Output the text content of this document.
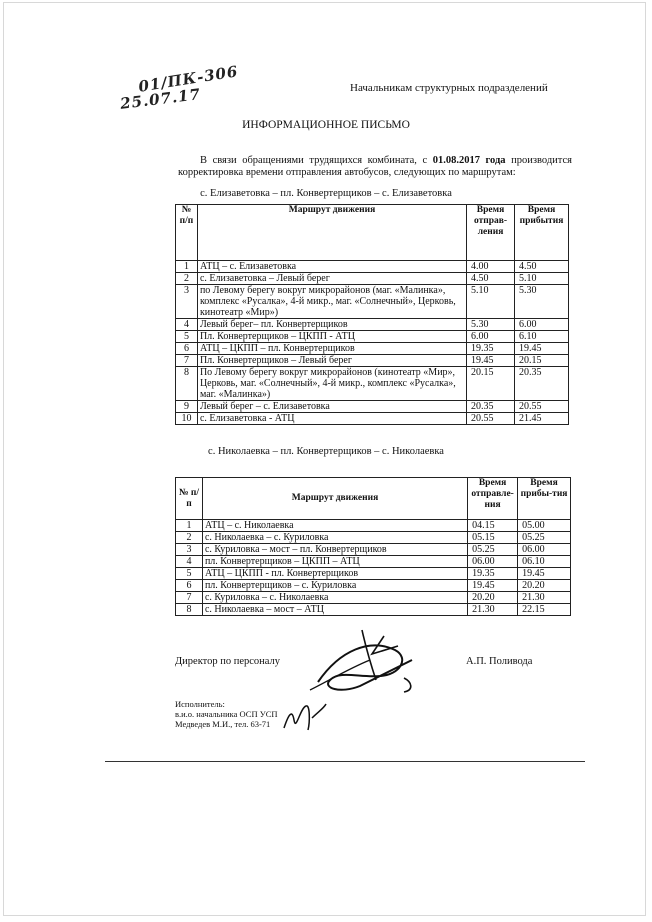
01/ПК-306
25.07.17	Начальникам структурных подразделений
ИНФОРМАЦИОННОЕ ПИСЬМО
В связи обращениями трудящихся комбината, с 01.08.2017 года производится корректировка времени отправления автобусов, следующих по маршрутам:
с. Елизаветовка – пл. Конвертерщиков – с. Елизаветовка
№ п/п	Маршрут движения	Время отправ-ления	Время прибытия
1	АТЦ – с. Елизаветовка	4.00	4.50
2	с. Елизаветовка – Левый берег	4.50	5.10
3	по Левому берегу вокруг микрорайонов (маг. «Малинка», комплекс «Русалка», 4-й микр., маг. «Солнечный», Церковь, кинотеатр «Мир»)	5.10	5.30
4	Левый берег– пл. Конвертерщиков	5.30	6.00
5	Пл. Конвертерщиков – ЦКПП - АТЦ	6.00	6.10
6	АТЦ – ЦКПП – пл. Конвертерщиков	19.35	19.45
7	Пл. Конвертерщиков – Левый берег	19.45	20.15
8	По Левому берегу вокруг микрорайонов (кинотеатр «Мир», Церковь, маг. «Солнечный», 4-й микр., комплекс «Русалка», маг. «Малинка»)	20.15	20.35
9	Левый берег – с. Елизаветовка	20.35	20.55
10	с. Елизаветовка - АТЦ	20.55	21.45
с. Николаевка – пл. Конвертерщиков – с. Николаевка
№ п/п	Маршрут движения	Время отправле-ния	Время прибы-тия
1	АТЦ – с. Николаевка	04.15	05.00
2	с. Николаевка – с. Куриловка	05.15	05.25
3	с. Куриловка – мост – пл. Конвертерщиков	05.25	06.00
4	пл. Конвертерщиков – ЦКПП – АТЦ	06.00	06.10
5	АТЦ – ЦКПП - пл. Конвертерщиков	19.35	19.45
6	пл. Конвертерщиков – с. Куриловка	19.45	20.20
7	с. Куриловка – с. Николаевка	20.20	21.30
8	с. Николаевка – мост – АТЦ	21.30	22.15
Директор по персоналу	А.П. Поливода
Исполнитель:
в.и.о. начальника ОСП УСП
Медведев М.И., тел. 63-71
